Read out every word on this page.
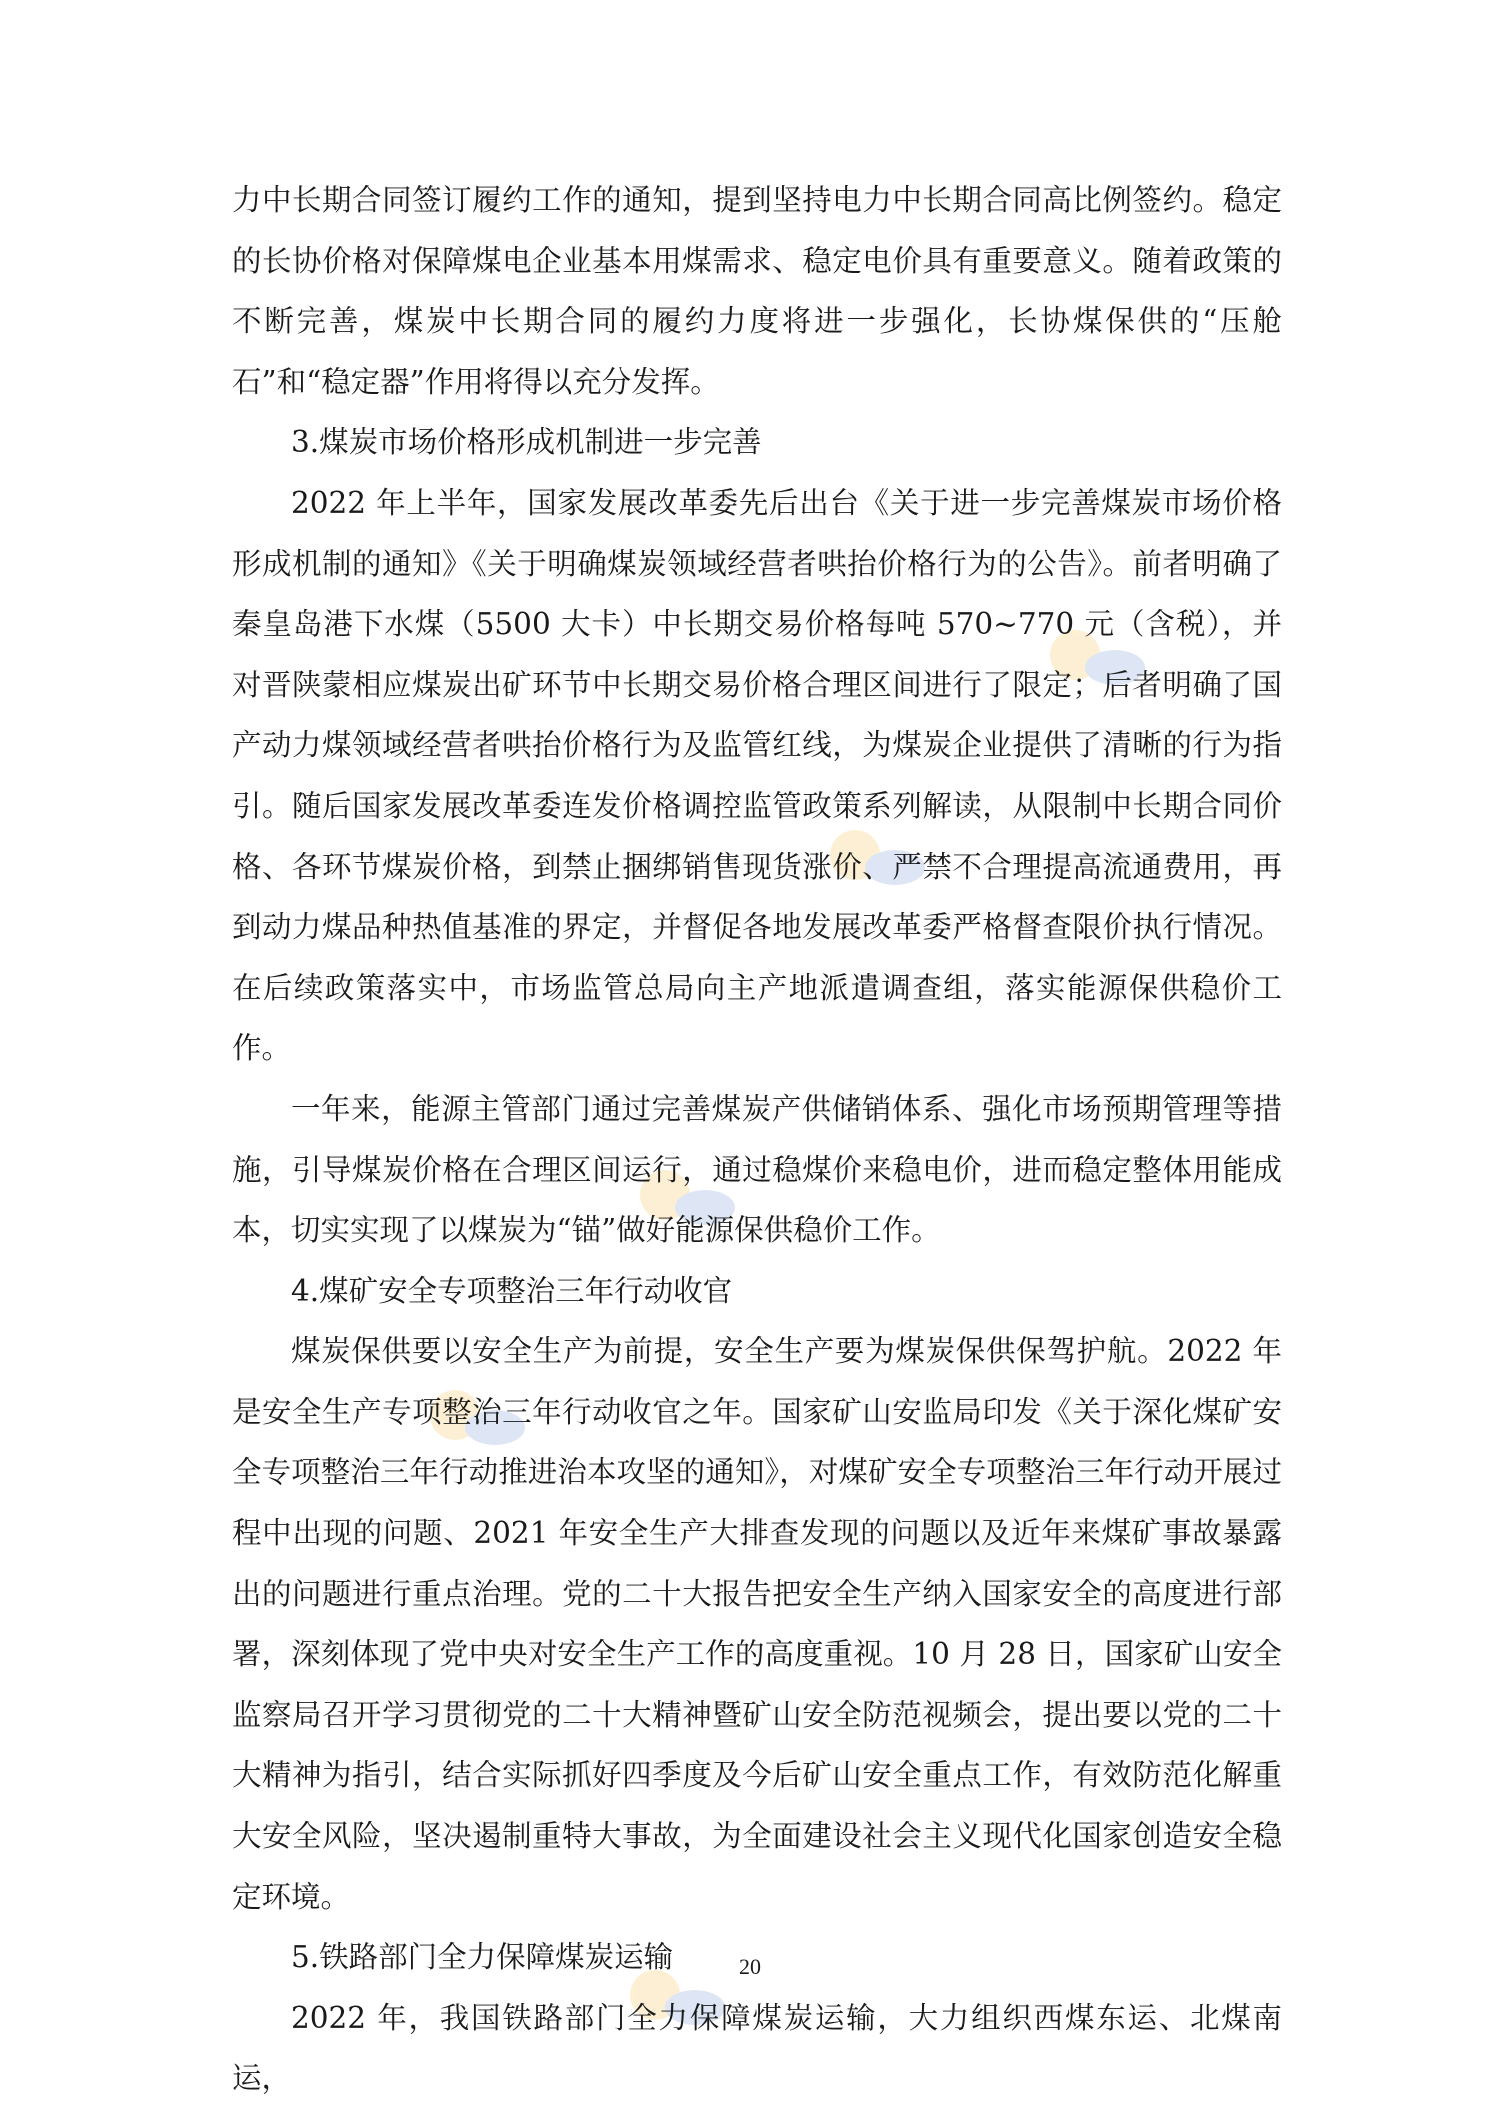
力中长期合同签订履约工作的通知，提到坚持电力中长期合同高比例签约。稳定的长协价格对保障煤电企业基本用煤需求、稳定电价具有重要意义。随着政策的不断完善，煤炭中长期合同的履约力度将进一步强化，长协煤保供的“压舱石”和“稳定器”作用将得以充分发挥。

3.煤炭市场价格形成机制进一步完善

2022 年上半年，国家发展改革委先后出台《关于进一步完善煤炭市场价格形成机制的通知》《关于明确煤炭领域经营者哄抬价格行为的公告》。前者明确了秦皇岛港下水煤（5500 大卡）中长期交易价格每吨 570~770 元（含税），并对晋陕蒙相应煤炭出矿环节中长期交易价格合理区间进行了限定；后者明确了国产动力煤领域经营者哄抬价格行为及监管红线，为煤炭企业提供了清晰的行为指引。随后国家发展改革委连发价格调控监管政策系列解读，从限制中长期合同价格、各环节煤炭价格，到禁止捆绑销售现货涨价、严禁不合理提高流通费用，再到动力煤品种热值基准的界定，并督促各地发展改革委严格督查限价执行情况。在后续政策落实中，市场监管总局向主产地派遣调查组，落实能源保供稳价工作。

一年来，能源主管部门通过完善煤炭产供储销体系、强化市场预期管理等措施，引导煤炭价格在合理区间运行，通过稳煤价来稳电价，进而稳定整体用能成本，切实实现了以煤炭为“锚”做好能源保供稳价工作。

4.煤矿安全专项整治三年行动收官

煤炭保供要以安全生产为前提，安全生产要为煤炭保供保驾护航。2022 年是安全生产专项整治三年行动收官之年。国家矿山安监局印发《关于深化煤矿安全专项整治三年行动推进治本攻坚的通知》，对煤矿安全专项整治三年行动开展过程中出现的问题、2021 年安全生产大排查发现的问题以及近年来煤矿事故暴露出的问题进行重点治理。党的二十大报告把安全生产纳入国家安全的高度进行部署，深刻体现了党中央对安全生产工作的高度重视。10 月 28 日，国家矿山安全监察局召开学习贯彻党的二十大精神暨矿山安全防范视频会，提出要以党的二十大精神为指引，结合实际抓好四季度及今后矿山安全重点工作，有效防范化解重大安全风险，坚决遏制重特大事故，为全面建设社会主义现代化国家创造安全稳定环境。

5.铁路部门全力保障煤炭运输

2022 年，我国铁路部门全力保障煤炭运输，大力组织西煤东运、北煤南运，

20
